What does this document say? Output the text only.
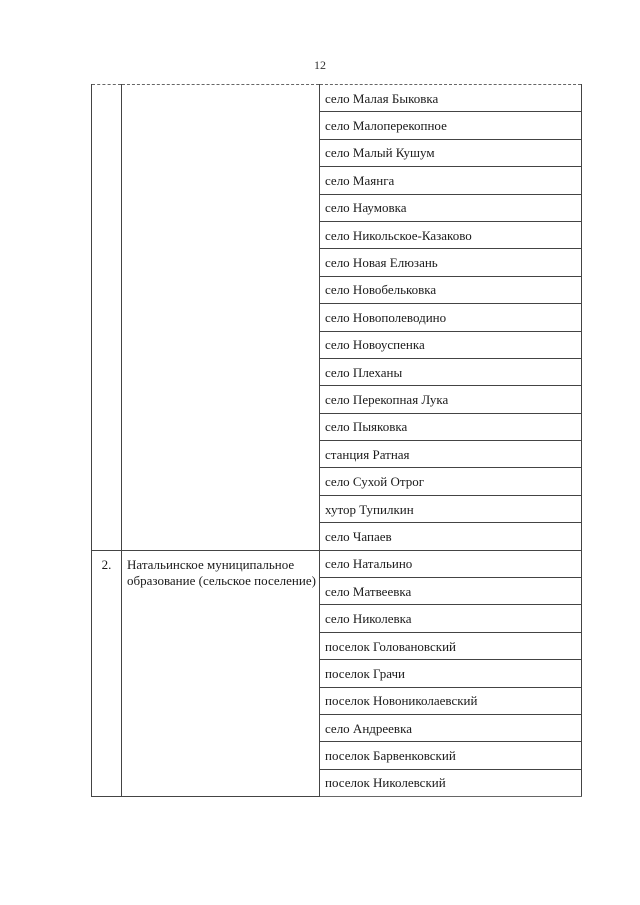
12
		село Малая Быковка
		село Малоперекопное
		село Малый Кушум
		село Маянга
		село Наумовка
		село Никольское-Казаково
		село Новая Елюзань
		село Новобельковка
		село Новополеводино
		село Новоуспенка
		село Плеханы
		село Перекопная Лука
		село Пыяковка
		станция Ратная
		село Сухой Отрог
		хутор Тупилкин
		село Чапаев
2.	Натальинское муниципальное образование (сельское поселение)	село Натальино
		село Матвеевка
		село Николевка
		поселок Головановский
		поселок Грачи
		поселок Новониколаевский
		село Андреевка
		поселок Барвенковский
		поселок Николевский
